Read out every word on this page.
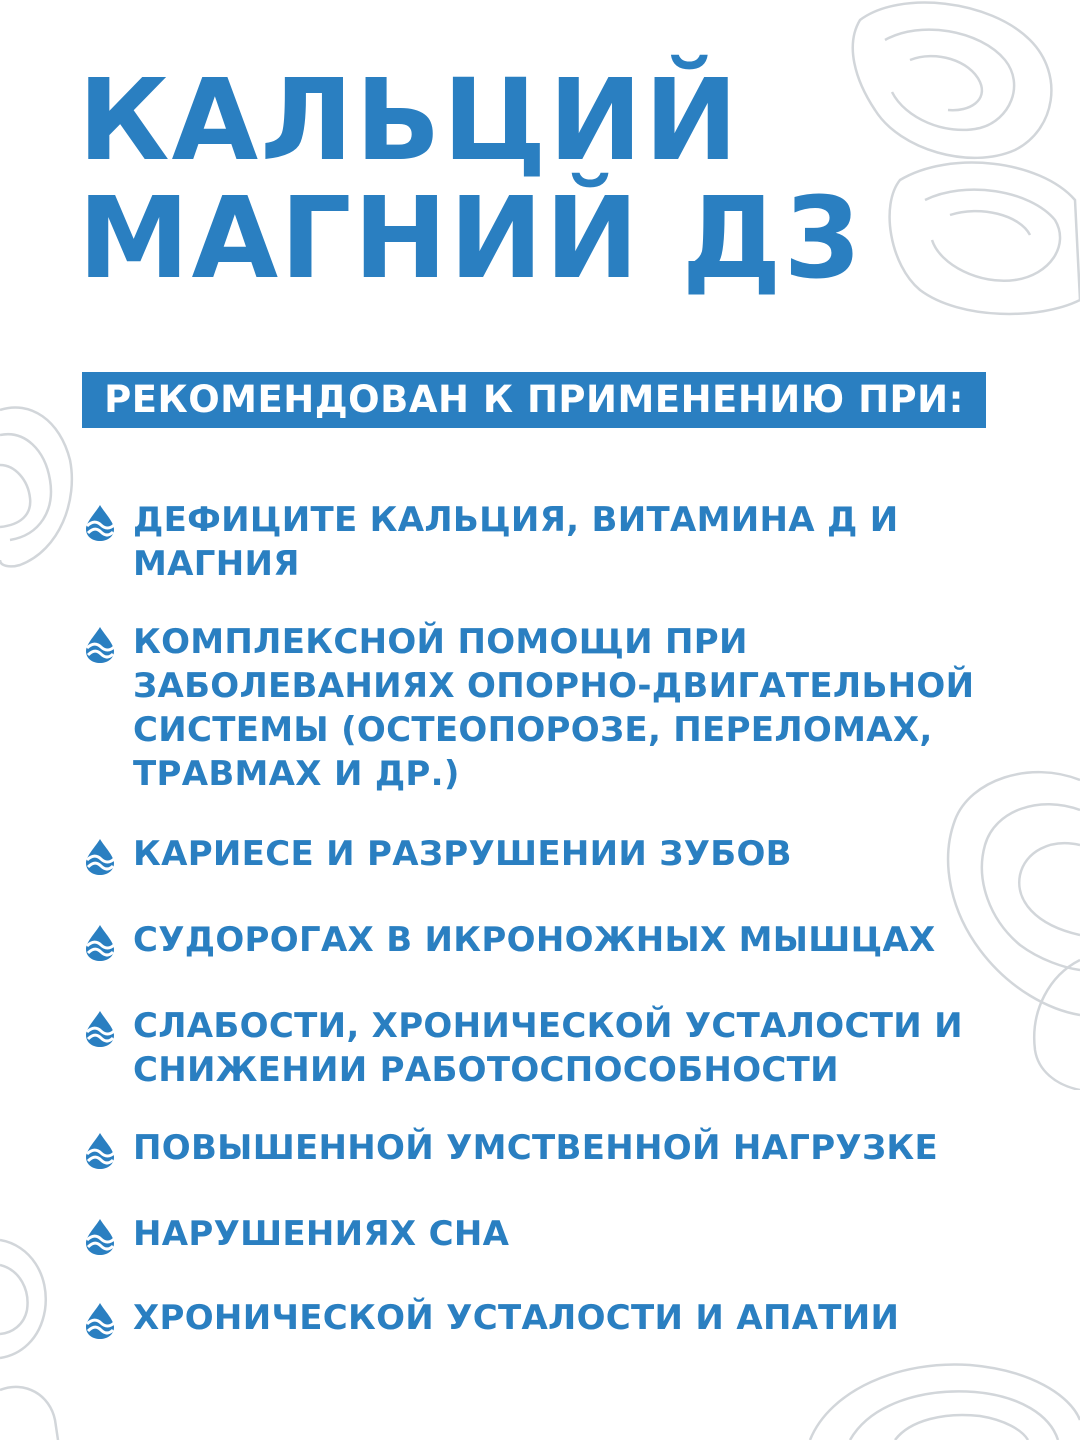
КАЛЬЦИЙ
МАГНИЙ Д3
РЕКОМЕНДОВАН К ПРИМЕНЕНИЮ ПРИ:
ДЕФИЦИТЕ КАЛЬЦИЯ, ВИТАМИНА Д И
МАГНИЯ
КОМПЛЕКСНОЙ ПОМОЩИ ПРИ
ЗАБОЛЕВАНИЯХ ОПОРНО-ДВИГАТЕЛЬНОЙ
СИСТЕМЫ (ОСТЕОПОРОЗЕ, ПЕРЕЛОМАХ,
ТРАВМАХ И ДР.)
КАРИЕСЕ И РАЗРУШЕНИИ ЗУБОВ
СУДОРОГАХ В ИКРОНОЖНЫХ МЫШЦАХ
СЛАБОСТИ, ХРОНИЧЕСКОЙ УСТАЛОСТИ И
СНИЖЕНИИ РАБОТОСПОСОБНОСТИ
ПОВЫШЕННОЙ УМСТВЕННОЙ НАГРУЗКЕ
НАРУШЕНИЯХ СНА
ХРОНИЧЕСКОЙ УСТАЛОСТИ И АПАТИИ
